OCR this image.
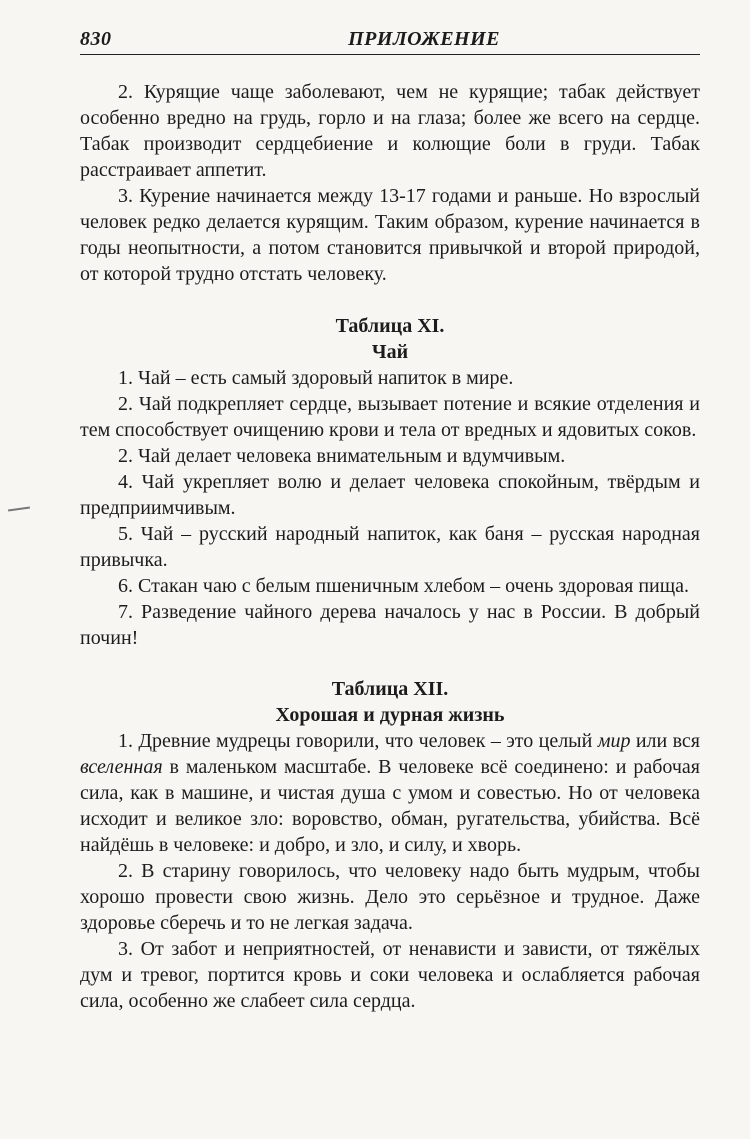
830	ПРИЛОЖЕНИЕ

2. Курящие чаще заболевают, чем не курящие; табак действует особенно вредно на грудь, горло и на глаза; более же всего на сердце. Табак производит сердцебиение и колющие боли в груди. Табак расстраивает аппетит.

3. Курение начинается между 13-17 годами и раньше. Но взрослый человек редко делается курящим. Таким образом, курение начинается в годы неопытности, а потом становится привычкой и второй природой, от которой трудно отстать человеку.

Таблица XI.

Чай

1. Чай – есть самый здоровый напиток в мире.

2. Чай подкрепляет сердце, вызывает потение и всякие отделения и тем способствует очищению крови и тела от вредных и ядовитых соков.

2. Чай делает человека внимательным и вдумчивым.

4. Чай укрепляет волю и делает человека спокойным, твёрдым и предприимчивым.

5. Чай – русский народный напиток, как баня – русская народная привычка.

6. Стакан чаю с белым пшеничным хлебом – очень здоровая пища.

7. Разведение чайного дерева началось у нас в России. В добрый почин!

Таблица XII.

Хорошая и дурная жизнь

1. Древние мудрецы говорили, что человек – это целый мир или вся вселенная в маленьком масштабе. В человеке всё соединено: и рабочая сила, как в машине, и чистая душа с умом и совестью. Но от человека исходит и великое зло: воровство, обман, ругательства, убийства. Всё найдёшь в человеке: и добро, и зло, и силу, и хворь.

2. В старину говорилось, что человеку надо быть мудрым, чтобы хорошо провести свою жизнь. Дело это серьёзное и трудное. Даже здоровье сберечь и то не легкая задача.

3. От забот и неприятностей, от ненависти и зависти, от тяжёлых дум и тревог, портится кровь и соки человека и ослабляется рабочая сила, особенно же слабеет сила сердца.
